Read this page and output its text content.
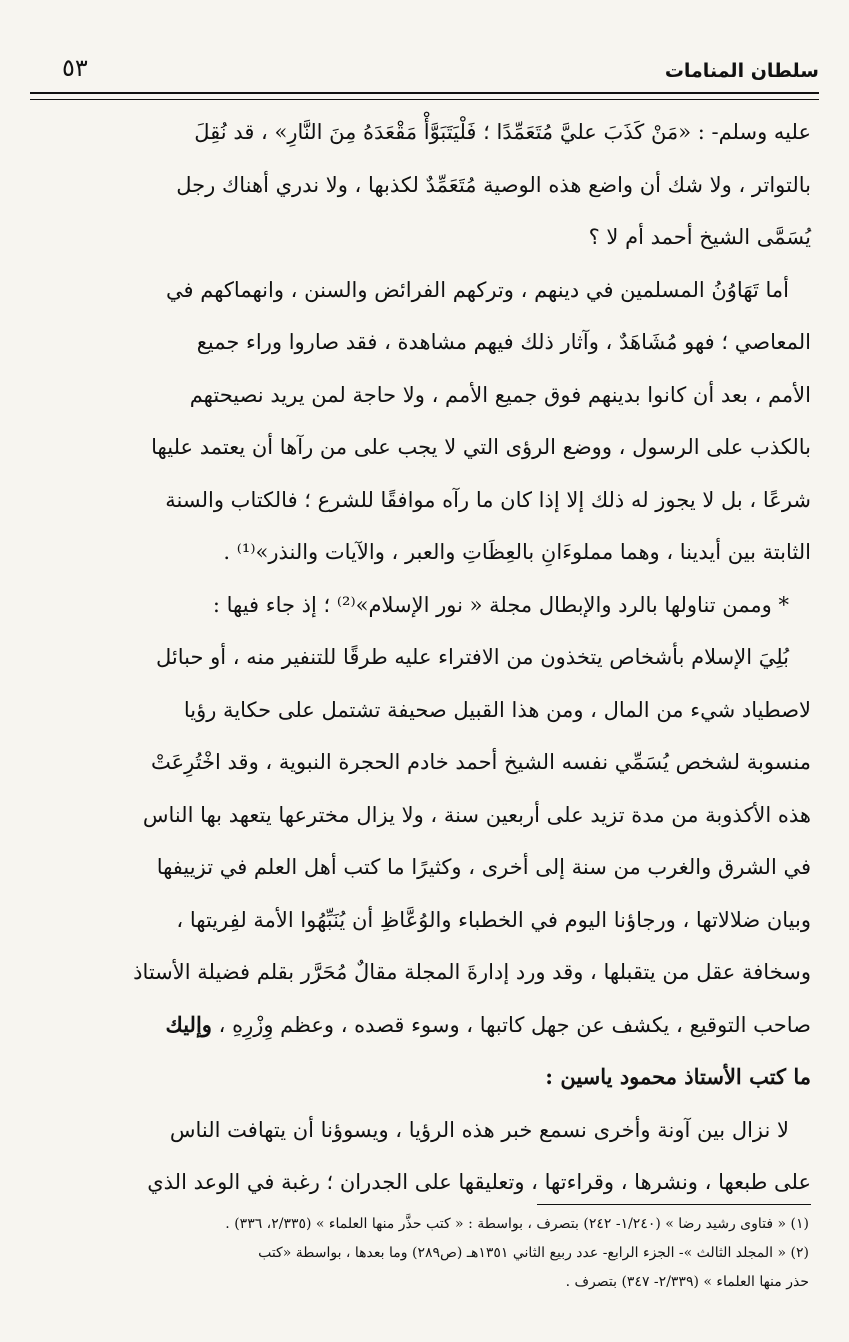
سلطان المنامات
٥٣

عليه وسلم- : «مَنْ كَذَبَ عليَّ مُتَعَمِّدًا ؛ فَلْيَتَبَوَّأْ مَقْعَدَهُ مِنَ النَّارِ» ، قد نُقِلَ

بالتواتر ، ولا شك أن واضع هذه الوصية مُتَعَمِّدٌ لكذبها ، ولا ندري أهناك رجل

يُسَمَّى الشيخ أحمد أم لا ؟

أما تَهَاوُنُ المسلمين في دينهم ، وتركهم الفرائض والسنن ، وانهماكهم في

المعاصي ؛ فهو مُشَاهَدٌ ، وآثار ذلك فيهم مشاهدة ، فقد صاروا وراء جميع

الأمم ، بعد أن كانوا بدينهم فوق جميع الأمم ، ولا حاجة لمن يريد نصيحتهم

بالكذب على الرسول ، ووضع الرؤى التي لا يجب على من رآها أن يعتمد عليها

شرعًا ، بل لا يجوز له ذلك إلا إذا كان ما رآه موافقًا للشرع ؛ فالكتاب والسنة

الثابتة بين أيدينا ، وهما مملوءَانِ بالعِظَاتِ والعبر ، والآيات والنذر»⁽¹⁾ .

* وممن تناولها بالرد والإبطال مجلة « نور الإسلام»⁽²⁾ ؛ إذ جاء فيها :

بُلِيَ الإسلام بأشخاص يتخذون من الافتراء عليه طرقًا للتنفير منه ، أو حبائل

لاصطياد شيء من المال ، ومن هذا القبيل صحيفة تشتمل على حكاية رؤيا

منسوبة لشخص يُسَمِّي نفسه الشيخ أحمد خادم الحجرة النبوية ، وقد اخْتُرِعَتْ

هذه الأكذوبة من مدة تزيد على أربعين سنة ، ولا يزال مخترعها يتعهد بها الناس

في الشرق والغرب من سنة إلى أخرى ، وكثيرًا ما كتب أهل العلم في تزييفها

وبيان ضلالاتها ، ورجاؤنا اليوم في الخطباء والوُعَّاظِ أن يُنَبِّهُوا الأمة لفِريتها ،

وسخافة عقل من يتقبلها ، وقد ورد إدارةَ المجلة مقالٌ مُحَرَّر بقلم فضيلة الأستاذ

صاحب التوقيع ، يكشف عن جهل كاتبها ، وسوء قصده ، وعظم وِزْرِهِ ، وإليك

ما كتب الأستاذ محمود ياسين :

لا نزال بين آونة وأخرى نسمع خبر هذه الرؤيا ، ويسوؤنا أن يتهافت الناس

على طبعها ، ونشرها ، وقراءتها ، وتعليقها على الجدران ؛ رغبة في الوعد الذي

(١) « فتاوى رشيد رضا » (١/٢٤٠- ٢٤٢) بتصرف ، بواسطة : « كتب حذَّر منها العلماء » (٢/٣٣٥، ٣٣٦) .

(٢) « المجلد الثالث »- الجزء الرابع- عدد ربيع الثاني ١٣٥١هـ (ص٢٨٩) وما بعدها ، بواسطة «كتب

حذر منها العلماء » (٢/٣٣٩- ٣٤٧) بتصرف .
